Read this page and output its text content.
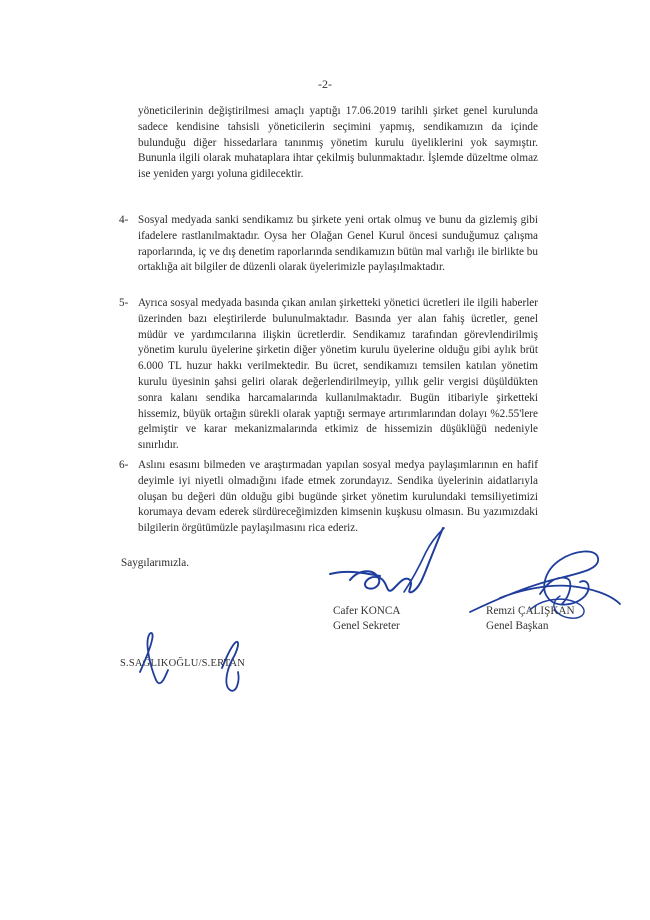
-2-
yöneticilerinin değiştirilmesi amaçlı yaptığı 17.06.2019 tarihli şirket genel kurulunda sadece kendisine tahsisli yöneticilerin seçimini yapmış, sendikamızın da içinde bulunduğu diğer hissedarlara tanınmış yönetim kurulu üyeliklerini yok saymıştır. Bununla ilgili olarak muhataplara ihtar çekilmiş bulunmaktadır. İşlemde düzeltme olmaz ise yeniden yargı yoluna gidilecektir.
4- Sosyal medyada sanki sendikamız bu şirkete yeni ortak olmuş ve bunu da gizlemiş gibi ifadelere rastlanılmaktadır. Oysa her Olağan Genel Kurul öncesi sunduğumuz çalışma raporlarında, iç ve dış denetim raporlarında sendikamızın bütün mal varlığı ile birlikte bu ortaklığa ait bilgiler de düzenli olarak üyelerimizle paylaşılmaktadır.
5- Ayrıca sosyal medyada basında çıkan anılan şirketteki yönetici ücretleri ile ilgili haberler üzerinden bazı eleştirilerde bulunulmaktadır. Basında yer alan fahiş ücretler, genel müdür ve yardımcılarına ilişkin ücretlerdir. Sendikamız tarafından görevlendirilmiş yönetim kurulu üyelerine şirketin diğer yönetim kurulu üyelerine olduğu gibi aylık brüt 6.000 TL huzur hakkı verilmektedir. Bu ücret, sendikamızı temsilen katılan yönetim kurulu üyesinin şahsi geliri olarak değerlendirilmeyip, yıllık gelir vergisi düşüldükten sonra kalanı sendika harcamalarında kullanılmaktadır. Bugün itibariyle şirketteki hissemiz, büyük ortağın sürekli olarak yaptığı sermaye artırımlarından dolayı %2.55'lere gelmiştir ve karar mekanizmalarında etkimiz de hissemizin düşüklüğü nedeniyle sınırlıdır.
6- Aslını esasını bilmeden ve araştırmadan yapılan sosyal medya paylaşımlarının en hafif deyimle iyi niyetli olmadığını ifade etmek zorundayız. Sendika üyelerinin aidatlarıyla oluşan bu değeri dün olduğu gibi bugünde şirket yönetim kurulundaki temsiliyetimizi korumaya devam ederek sürdüreceğimizden kimsenin kuşkusu olmasın. Bu yazımızdaki bilgilerin örgütümüzle paylaşılmasını rica ederiz.
Saygılarımızla.
Cafer KONCA
Genel Sekreter
Remzi ÇALIŞKAN
Genel Başkan
S.SAĞLIKOĞLU/S.ERTAN
